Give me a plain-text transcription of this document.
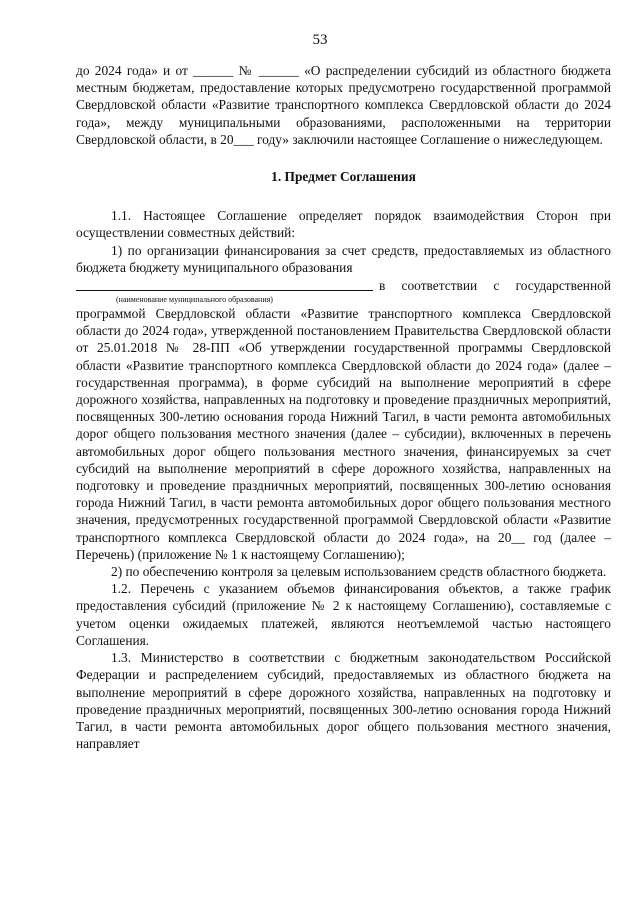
53

до 2024 года» и от ______ № ______ «О распределении субсидий из областного бюджета местным бюджетам, предоставление которых предусмотрено государственной программой Свердловской области «Развитие транспортного комплекса Свердловской области до 2024 года», между муниципальными образованиями, расположенными на территории Свердловской области, в 20___ году» заключили настоящее Соглашение о нижеследующем.

1. Предмет Соглашения

1.1. Настоящее Соглашение определяет порядок взаимодействия Сторон при осуществлении совместных действий:

1) по организации финансирования за счет средств, предоставляемых из областного бюджета бюджету муниципального образования

в соответствии с государственной
(наименование муниципального образования)

программой Свердловской области «Развитие транспортного комплекса Свердловской области до 2024 года», утвержденной постановлением Правительства Свердловской области от 25.01.2018 № 28-ПП «Об утверждении государственной программы Свердловской области «Развитие транспортного комплекса Свердловской области до 2024 года» (далее – государственная программа), в форме субсидий на выполнение мероприятий в сфере дорожного хозяйства, направленных на подготовку и проведение праздничных мероприятий, посвященных 300-летию основания города Нижний Тагил, в части ремонта автомобильных дорог общего пользования местного значения (далее – субсидии), включенных в перечень автомобильных дорог общего пользования местного значения, финансируемых за счет субсидий на выполнение мероприятий в сфере дорожного хозяйства, направленных на подготовку и проведение праздничных мероприятий, посвященных 300-летию основания города Нижний Тагил, в части ремонта автомобильных дорог общего пользования местного значения, предусмотренных государственной программой Свердловской области «Развитие транспортного комплекса Свердловской области до 2024 года», на 20__ год (далее – Перечень) (приложение № 1 к настоящему Соглашению);

2) по обеспечению контроля за целевым использованием средств областного бюджета.

1.2. Перечень с указанием объемов финансирования объектов, а также график предоставления субсидий (приложение № 2 к настоящему Соглашению), составляемые с учетом оценки ожидаемых платежей, являются неотъемлемой частью настоящего Соглашения.

1.3. Министерство в соответствии с бюджетным законодательством Российской Федерации и распределением субсидий, предоставляемых из областного бюджета на выполнение мероприятий в сфере дорожного хозяйства, направленных на подготовку и проведение праздничных мероприятий, посвященных 300-летию основания города Нижний Тагил, в части ремонта автомобильных дорог общего пользования местного значения, направляет
